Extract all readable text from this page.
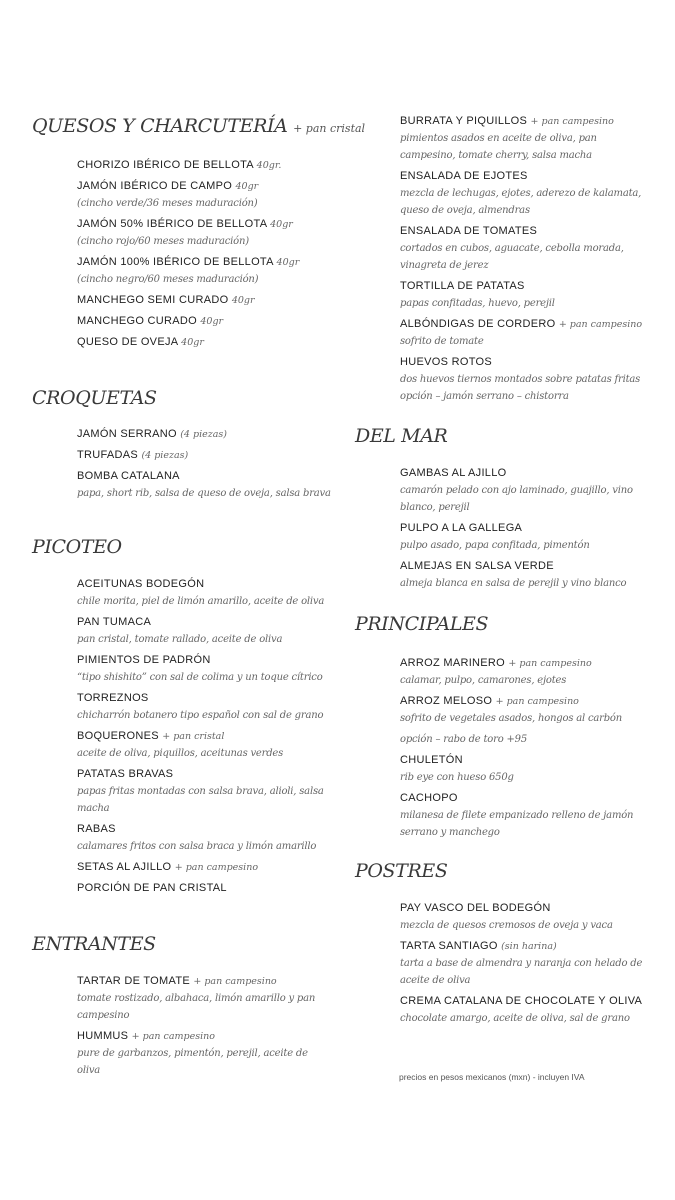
QUESOS Y CHARCUTERÍA + pan cristal
CHORIZO IBÉRICO DE BELLOTA 40gr.
JAMÓN IBÉRICO DE CAMPO 40gr
(cincho verde/36 meses maduración)
JAMÓN 50% IBÉRICO DE BELLOTA 40gr
(cincho rojo/60 meses maduración)
JAMÓN 100% IBÉRICO DE BELLOTA 40gr
(cincho negro/60 meses maduración)
MANCHEGO SEMI CURADO 40gr
MANCHEGO CURADO 40gr
QUESO DE OVEJA 40gr
CROQUETAS
JAMÓN SERRANO (4 piezas)
TRUFADAS (4 piezas)
BOMBA CATALANA
papa, short rib, salsa de queso de oveja, salsa brava
PICOTEO
ACEITUNAS BODEGÓN
chile morita, piel de limón amarillo, aceite de oliva
PAN TUMACA
pan cristal, tomate rallado, aceite de oliva
PIMIENTOS DE PADRÓN
“tipo shishito” con sal de colima y un toque cítrico
TORREZNOS
chicharrón botanero tipo español con sal de grano
BOQUERONES + pan cristal
aceite de oliva, piquillos, aceitunas verdes
PATATAS BRAVAS
papas fritas montadas con salsa brava, alioli, salsa macha
RABAS
calamares fritos con salsa braca y limón amarillo
SETAS AL AJILLO + pan campesino
PORCIÓN DE PAN CRISTAL
ENTRANTES
TARTAR DE TOMATE + pan campesino
tomate rostizado, albahaca, limón amarillo y pan campesino
HUMMUS + pan campesino
pure de garbanzos, pimentón, perejil, aceite de oliva
BURRATA Y PIQUILLOS + pan campesino
pimientos asados en aceite de oliva, pan campesino, tomate cherry, salsa macha
ENSALADA DE EJOTES
mezcla de lechugas, ejotes, aderezo de kalamata, queso de oveja, almendras
ENSALADA DE TOMATES
cortados en cubos, aguacate, cebolla morada, vinagreta de jerez
TORTILLA DE PATATAS
papas confitadas, huevo, perejil
ALBÓNDIGAS DE CORDERO + pan campesino
sofrito de tomate
HUEVOS ROTOS
dos huevos tiernos montados sobre patatas fritas opción – jamón serrano – chistorra
DEL MAR
GAMBAS AL AJILLO
camarón pelado con ajo laminado, guajillo, vino blanco, perejil
PULPO A LA GALLEGA
pulpo asado, papa confitada, pimentón
ALMEJAS EN SALSA VERDE
almeja blanca en salsa de perejil y vino blanco
PRINCIPALES
ARROZ MARINERO + pan campesino
calamar, pulpo, camarones, ejotes
ARROZ MELOSO + pan campesino
sofrito de vegetales asados, hongos al carbón
opción – rabo de toro +95
CHULETÓN
rib eye con hueso 650g
CACHOPO
milanesa de filete empanizado relleno de jamón serrano y manchego
POSTRES
PAY VASCO DEL BODEGÓN
mezcla de quesos cremosos de oveja y vaca
TARTA SANTIAGO (sin harina)
tarta a base de almendra y naranja con helado de aceite de oliva
CREMA CATALANA DE CHOCOLATE Y OLIVA
chocolate amargo, aceite de oliva, sal de grano
precios en pesos mexicanos (mxn) - incluyen IVA
